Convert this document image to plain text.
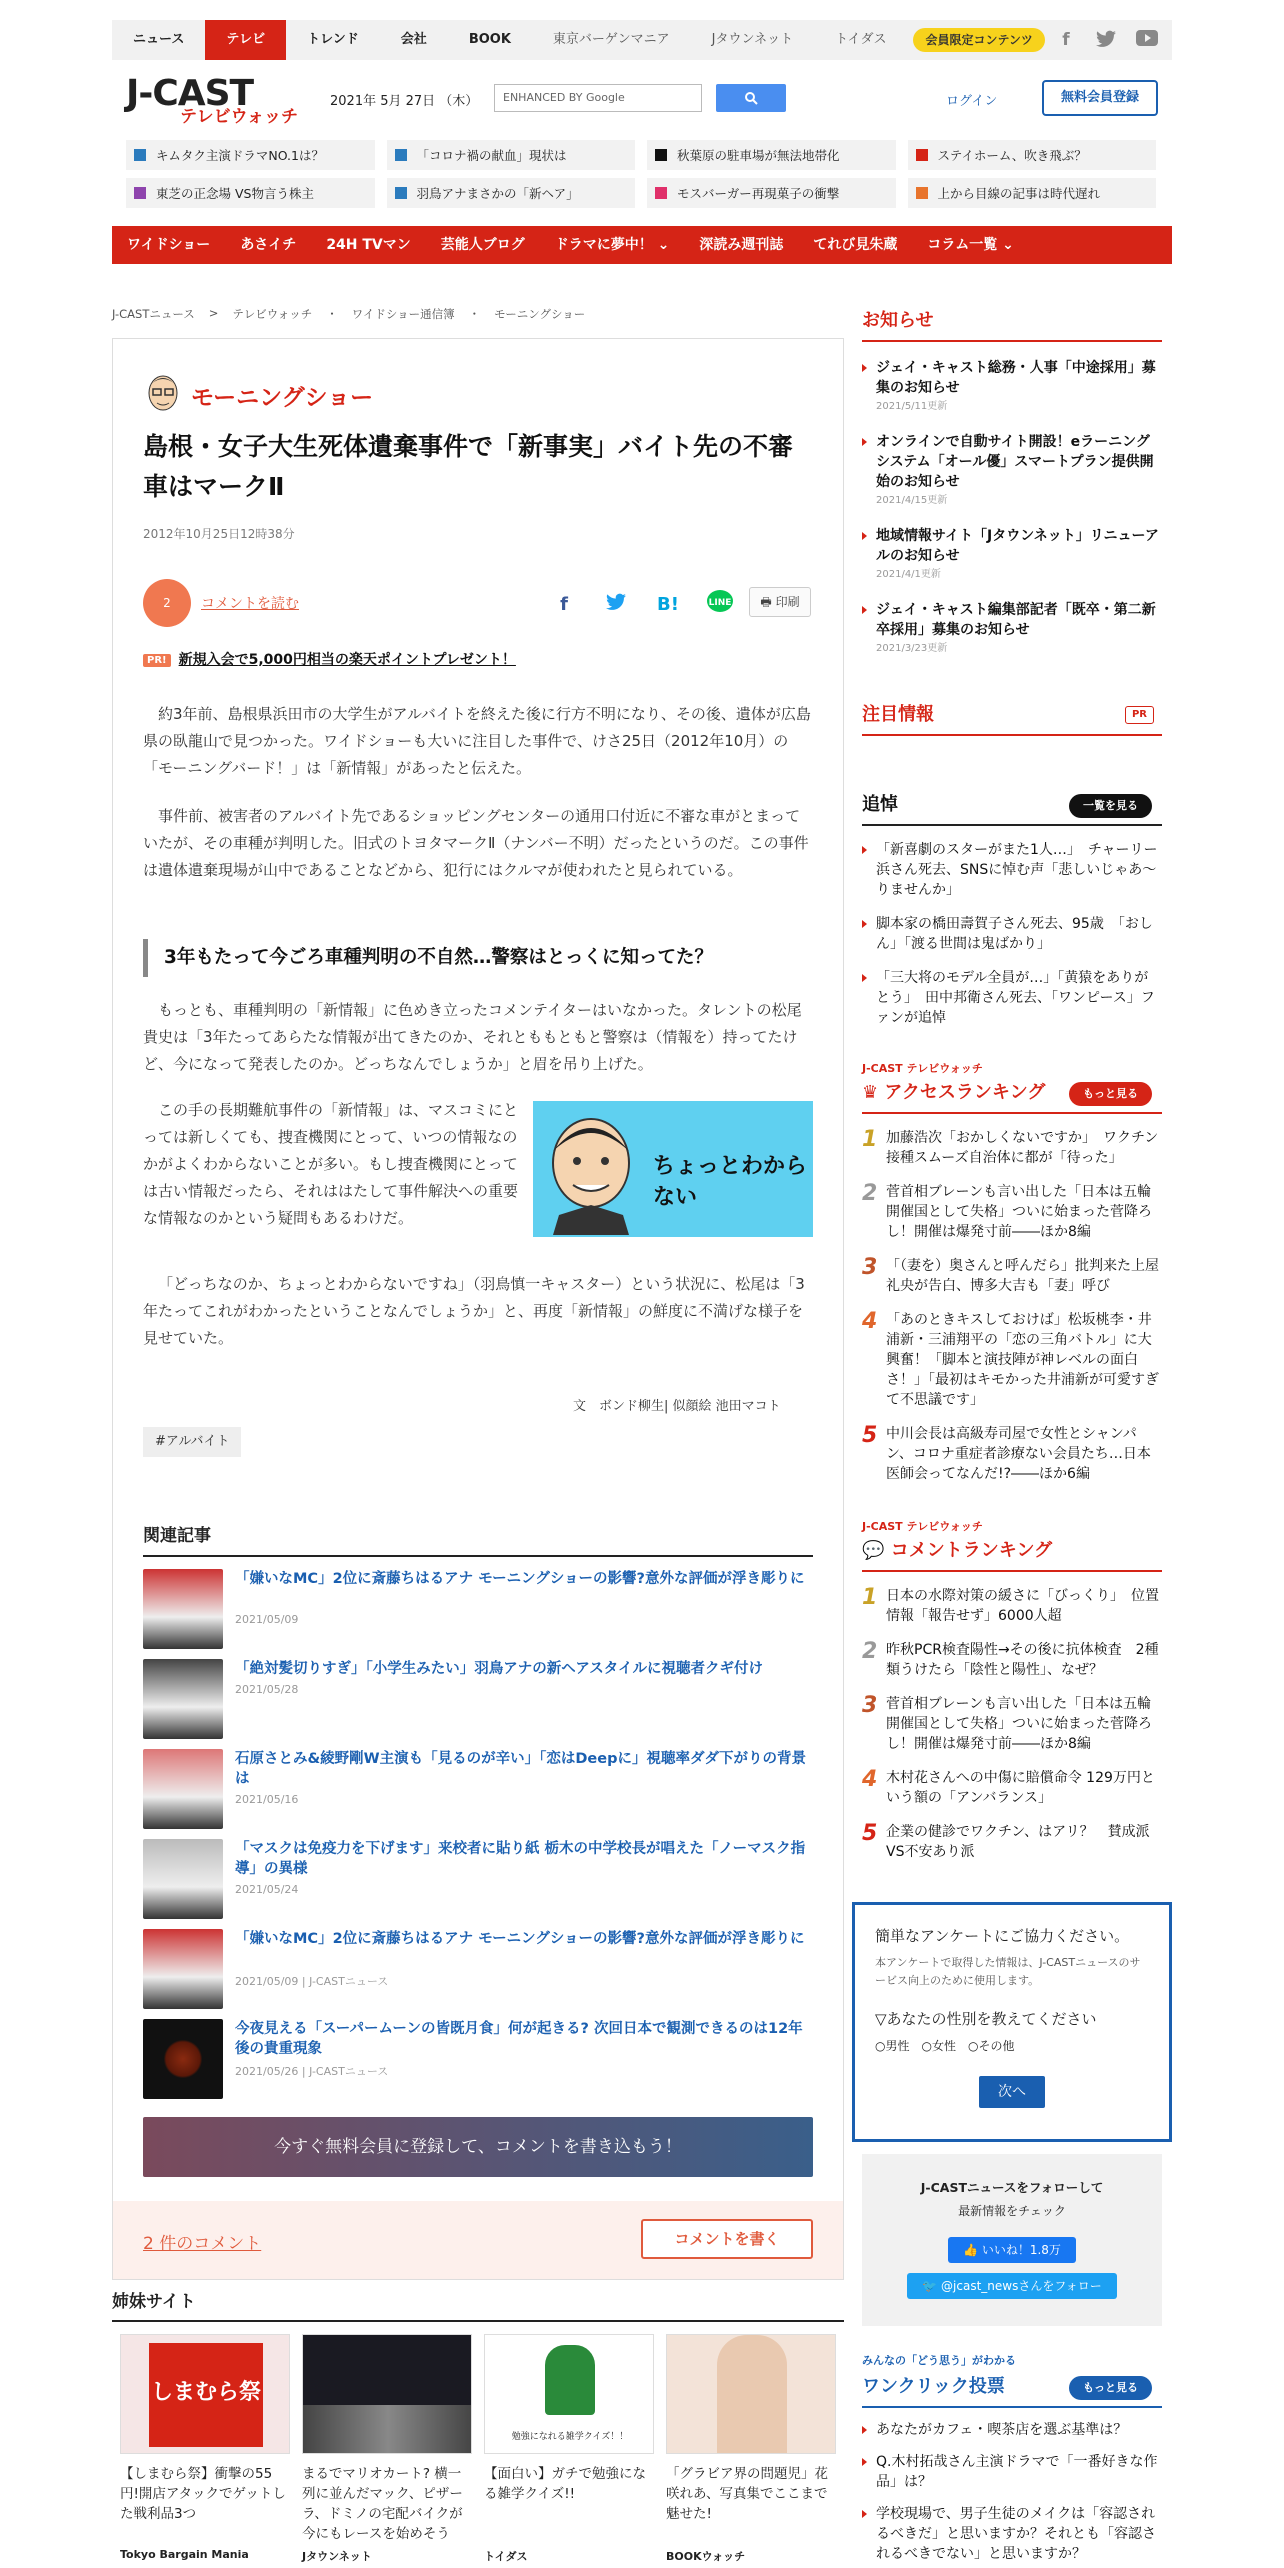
ニュース	テレビ	トレンド	会社	BOOK	東京バーゲンマニア	Jタウンネット	トイダス	会員限定コンテンツ	f
J-CAST
テレビウォッチ
2021年 5月 27日 （木）	ENHANCED BY Google	ログイン	無料会員登録
キムタク主演ドラマNO.1は？	「コロナ禍の献血」現状は	秋葉原の駐車場が無法地帯化	ステイホーム、吹き飛ぶ？
東芝の正念場 VS物言う株主	羽鳥アナまさかの「新ヘア」	モスバーガー再現菓子の衝撃	上から目線の記事は時代遅れ
ワイドショー	あさイチ	24H TVマン	芸能人ブログ	ドラマに夢中！ ⌄	深読み週刊誌	てれび見朱蔵	コラム一覧 ⌄
J-CASTニュース > テレビウォッチ ・ ワイドショー通信簿 ・ モーニングショー
モーニングショー
島根・女子大生死体遺棄事件で「新事実」バイト先の不審車はマークⅡ
2012年10月25日12時38分
2	コメントを読む	f	B!	LINE	🖶 印刷
PR! 新規入会で5,000円相当の楽天ポイントプレゼント！

約3年前、島根県浜田市の大学生がアルバイトを終えた後に行方不明になり、その後、遺体が広島県の臥龍山で見つかった。ワイドショーも大いに注目した事件で、けさ25日（2012年10月）の「モーニングバード！」は「新情報」があったと伝えた。

事件前、被害者のアルバイト先であるショッピングセンターの通用口付近に不審な車がとまっていたが、その車種が判明した。旧式のトヨタマークⅡ（ナンバー不明）だったというのだ。この事件は遺体遺棄現場が山中であることなどから、犯行にはクルマが使われたと見られている。

3年もたって今ごろ車種判明の不自然…警察はとっくに知ってた？

もっとも、車種判明の「新情報」に色めき立ったコメンテイターはいなかった。タレントの松尾貴史は「3年たってあらたな情報が出てきたのか、それとももともと警察は（情報を）持ってたけど、今になって発表したのか。どっちなんでしょうか」と眉を吊り上げた。

この手の長期難航事件の「新情報」は、マスコミにとっては新しくても、捜査機関にとって、いつの情報なのかがよくわからないことが多い。もし捜査機関にとっては古い情報だったら、それははたして事件解決への重要な情報なのかという疑問もあるわけだ。

ちょっとわからない

「どっちなのか、ちょっとわからないですね」（羽鳥慎一キャスター）という状況に、松尾は「3年たってこれがわかったということなんでしょうか」と、再度「新情報」の鮮度に不満げな様子を見せていた。

文　ボンド柳生| 似顔絵 池田マコト
#アルバイト
関連記事
「嫌いなMC」2位に斎藤ちはるアナ モーニングショーの影響?意外な評価が浮き彫りに
2021/05/09
「絶対髪切りすぎ」「小学生みたい」羽鳥アナの新ヘアスタイルに視聴者クギ付け
2021/05/28
石原さとみ&綾野剛W主演も「見るのが辛い」「恋はDeepに」視聴率ダダ下がりの背景は
2021/05/16
「マスクは免疫力を下げます」来校者に貼り紙 栃木の中学校長が唱えた「ノーマスク指導」の異様
2021/05/24
「嫌いなMC」2位に斎藤ちはるアナ モーニングショーの影響?意外な評価が浮き彫りに
2021/05/09 | J-CASTニュース
今夜見える「スーパームーンの皆既月食」何が起きる? 次回日本で観測できるのは12年後の貴重現象
2021/05/26 | J-CASTニュース
今すぐ無料会員に登録して、コメントを書き込もう！
2 件のコメント	コメントを書く
姉妹サイト
しまむら祭
【しまむら祭】衝撃の55円!開店アタックでゲットした戦利品3つ
Tokyo Bargain Mania
まるでマリオカート? 横一列に並んだマック、ピザーラ、ドミノの宅配バイクが今にもレースを始めそう
Jタウンネット
勉強になれる雑学クイズ！！
【面白い】ガチで勉強になる雑学クイズ!!
トイダス
「グラビア界の問題児」花咲れあ、写真集でここまで魅せた!
BOOKウォッチ
お知らせ
ジェイ・キャスト総務・人事「中途採用」募集のお知らせ
2021/5/11更新
オンラインで自動サイト開設！eラーニングシステム「オール優」スマートプラン提供開始のお知らせ
2021/4/15更新
地域情報サイト「Jタウンネット」リニューアルのお知らせ
2021/4/1更新
ジェイ・キャスト編集部記者「既卒・第二新卒採用」募集のお知らせ
2021/3/23更新
注目情報	PR
追悼	一覧を見る
「新喜劇のスターがまた1人…」　チャーリー浜さん死去、SNSに悼む声「悲しいじゃあ～りませんか」
脚本家の橋田壽賀子さん死去、95歳　「おしん」「渡る世間は鬼ばかり」
「三大将のモデル全員が…」「黄猿をありがとう」　田中邦衛さん死去、「ワンピース」ファンが追悼
J-CAST テレビウォッチ
♛ アクセスランキング	もっと見る
1 加藤浩次「おかしくないですか」　ワクチン接種スムーズ自治体に都が「待った」
2 菅首相ブレーンも言い出した「日本は五輪開催国として失格」ついに始まった菅降ろし！開催は爆発寸前――ほか8編
3 「（妻を）奥さんと呼んだら」批判来た上屋礼央が告白、博多大吉も「妻」呼び
4 「あのときキスしておけば」松坂桃李・井浦新・三浦翔平の「恋の三角バトル」に大興奮！「脚本と演技陣が神レベルの面白さ！」「最初はキモかった井浦新が可愛すぎて不思議です」
5 中川会長は高級寿司屋で女性とシャンパン、コロナ重症者診療ない会員たち…日本医師会ってなんだ!?――ほか6編
J-CAST テレビウォッチ
💬 コメントランキング
1 日本の水際対策の緩さに「びっくり」　位置情報「報告せず」6000人超
2 昨秋PCR検査陽性→その後に抗体検査　2種類うけたら「陰性と陽性」、なぜ？
3 菅首相ブレーンも言い出した「日本は五輪開催国として失格」ついに始まった菅降ろし！開催は爆発寸前――ほか8編
4 木村花さんへの中傷に賠償命令 129万円という額の「アンバランス」
5 企業の健診でワクチン、はアリ？　賛成派VS不安あり派
簡単なアンケートにご協力ください。
本アンケートで取得した情報は、J-CASTニュースのサービス向上のために使用します。
▽あなたの性別を教えてください
○男性 ○女性 ○その他
次へ
J-CASTニュースをフォローして
最新情報をチェック
👍 いいね！1.8万
🐦 @jcast_newsさんをフォロー
みんなの「どう思う」がわかる
ワンクリック投票	もっと見る
あなたがカフェ・喫茶店を選ぶ基準は？
Q.木村拓哉さん主演ドラマで「一番好きな作品」は？
学校現場で、男子生徒のメイクは「容認されるべきだ」と思いますか？それとも「容認されるべきでない」と思いますか？
